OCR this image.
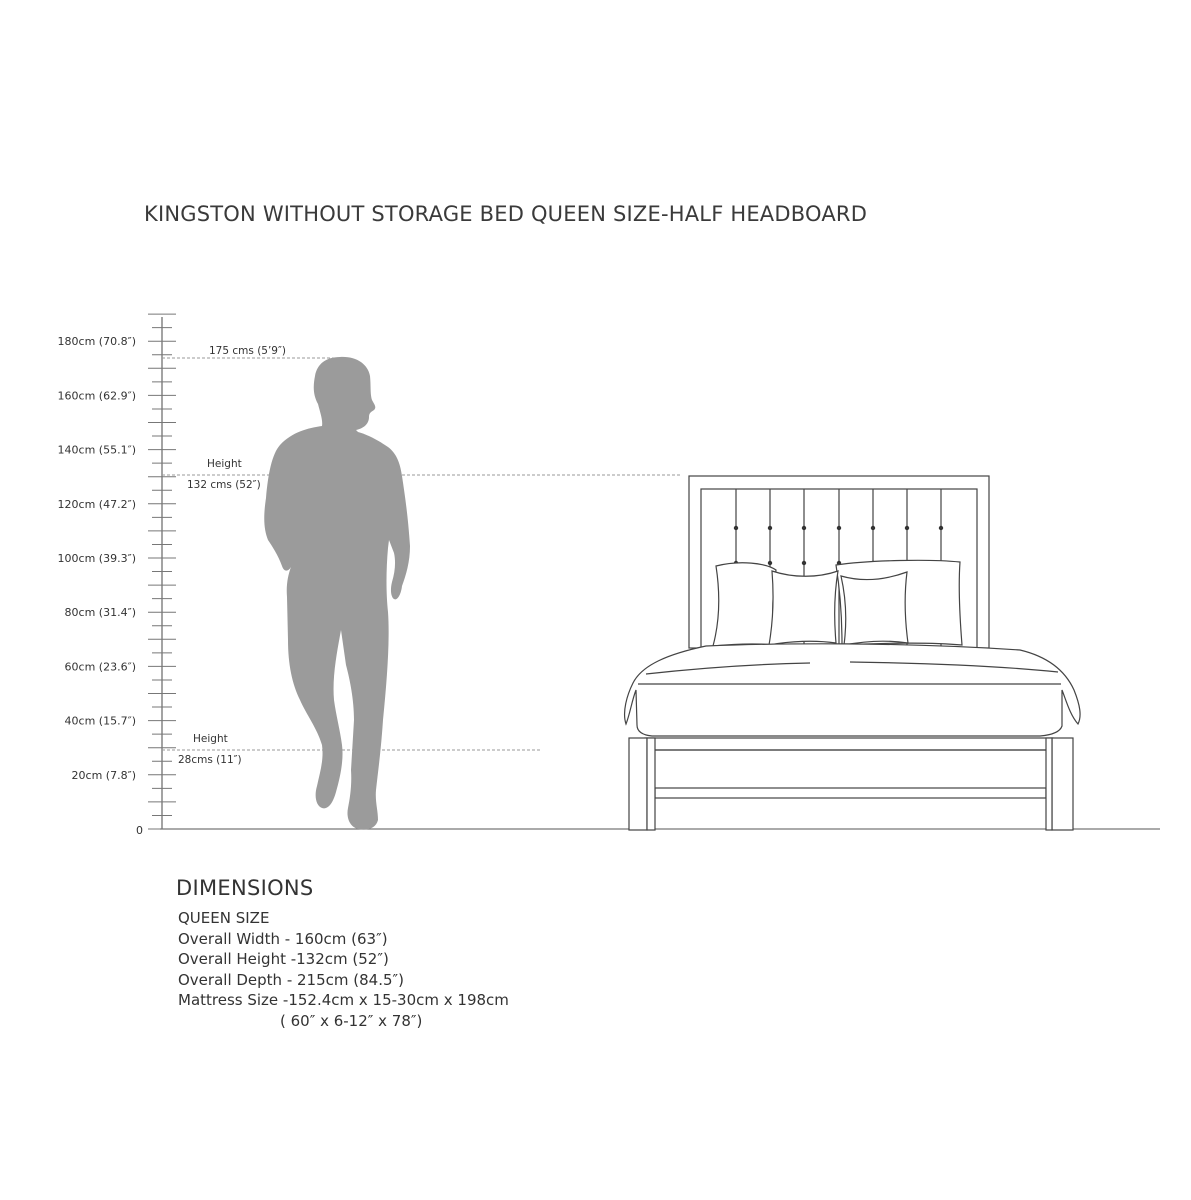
KINGSTON WITHOUT STORAGE BED QUEEN SIZE-HALF HEADBOARD
180cm (70.8″)
160cm (62.9″)
140cm (55.1″)
120cm (47.2″)
100cm (39.3″)
80cm (31.4″)
60cm (23.6″)
40cm (15.7″)
20cm (7.8″)
0
175 cms (5’9″)
Height
132 cms (52″)
Height
28cms (11″)
DIMENSIONS
QUEEN SIZE
Overall Width - 160cm (63″)
Overall Height -132cm (52″)
Overall Depth - 215cm (84.5″)
Mattress Size -152.4cm x 15-30cm x 198cm
( 60″ x 6-12″ x 78″)
